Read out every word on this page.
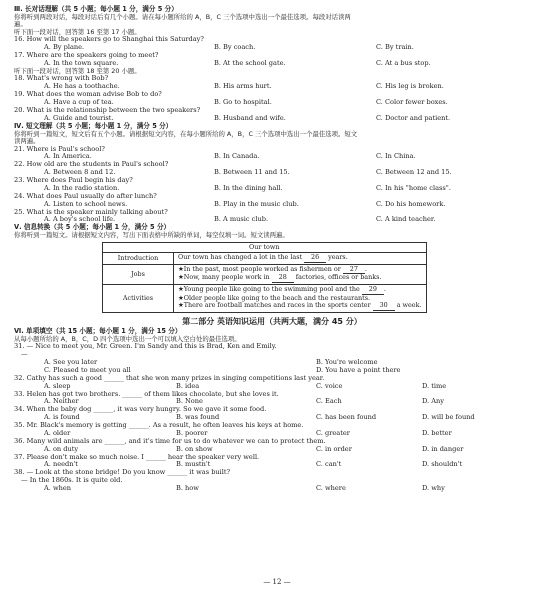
Ⅲ. 长对话理解（共 5 小题；每小题 1 分，满分 5 分）
你将听到两段对话，每段对话后有几个小题。请在每小题所给的 A，B，C 三个选项中选出一个最佳选项。每段对话读两
遍。
听下面一段对话，回答第 16 至第 17 小题。
16. How will the speakers go to Shanghai this Saturday?
A. By plane.	B. By coach.	C. By train.
17. Where are the speakers going to meet?
A. In the town square.	B. At the school gate.	C. At a bus stop.
听下面一段对话，回答第 18 至第 20 小题。
18. What's wrong with Bob?
A. He has a toothache.	B. His arms hurt.	C. His leg is broken.
19. What does the woman advise Bob to do?
A. Have a cup of tea.	B. Go to hospital.	C. Color fewer boxes.
20. What is the relationship between the two speakers?
A. Guide and tourist.	B. Husband and wife.	C. Doctor and patient.
Ⅳ. 短文理解（共 5 小题；每小题 1 分，满分 5 分）
你将听到一篇短文，短文后有五个小题。请根据短文内容，在每小题所给的 A，B，C 三个选项中选出一个最佳选项。短文
读两遍。
21. Where is Paul's school?
A. In America.	B. In Canada.	C. In China.
22. How old are the students in Paul's school?
A. Between 8 and 12.	B. Between 11 and 15.	C. Between 12 and 15.
23. Where does Paul begin his day?
A. In the radio station.	B. In the dining hall.	C. In his "home class".
24. What does Paul usually do after lunch?
A. Listen to school news.	B. Play in the music club.	C. Do his homework.
25. What is the speaker mainly talking about?
A. A boy's school life.	B. A music club.	C. A kind teacher.
Ⅴ. 信息转换（共 5 小题；每小题 1 分，满分 5 分）
你将听到一篇短文。请根据短文内容，写出下面表格中所缺的单词，每空仅填一词。短文读两遍。
Our town	
Introduction	Our town has changed a lot in the last 26 years.
Jobs	★In the past, most people worked as fishermen or 27 .
★Now, many people work in 28 factories, offices or banks.

Activities	★Young people like going to the swimming pool and the 29 .
★Older people like going to the beach and the restaurants.
★There are football matches and races in the sports center 30 a week.
第二部分 英语知识运用（共两大题，满分 45 分）
Ⅵ. 单项填空（共 15 小题；每小题 1 分，满分 15 分）
从每小题所给的 A，B，C，D 四个选项中选出一个可以填入空白处的最佳选项。
31. — Nice to meet you, Mr. Green. I'm Sandy and this is Brad, Ken and Emily.
—
A. See you later	B. You're welcome
C. Pleased to meet you all	D. You have a point there
32. Cathy has such a good ______ that she won many prizes in singing competitions last year.
A. sleep	B. idea	C. voice	D. time
33. Helen has got two brothers. ______ of them likes chocolate, but she loves it.
A. Neither	B. None	C. Each	D. Any
34. When the baby dog ______, it was very hungry. So we gave it some food.
A. is found	B. was found	C. has been found	D. will be found
35. Mr. Black's memory is getting ______. As a result, he often leaves his keys at home.
A. older	B. poorer	C. greater	D. better
36. Many wild animals are ______, and it's time for us to do whatever we can to protect them.
A. on duty	B. on show	C. in order	D. in danger
37. Please don't make so much noise. I ______ hear the speaker very well.
A. needn't	B. mustn't	C. can't	D. shouldn't
38. — Look at the stone bridge! Do you know ______ it was built?
— In the 1860s. It is quite old.
A. when	B. how	C. where	D. why
— 12 —
